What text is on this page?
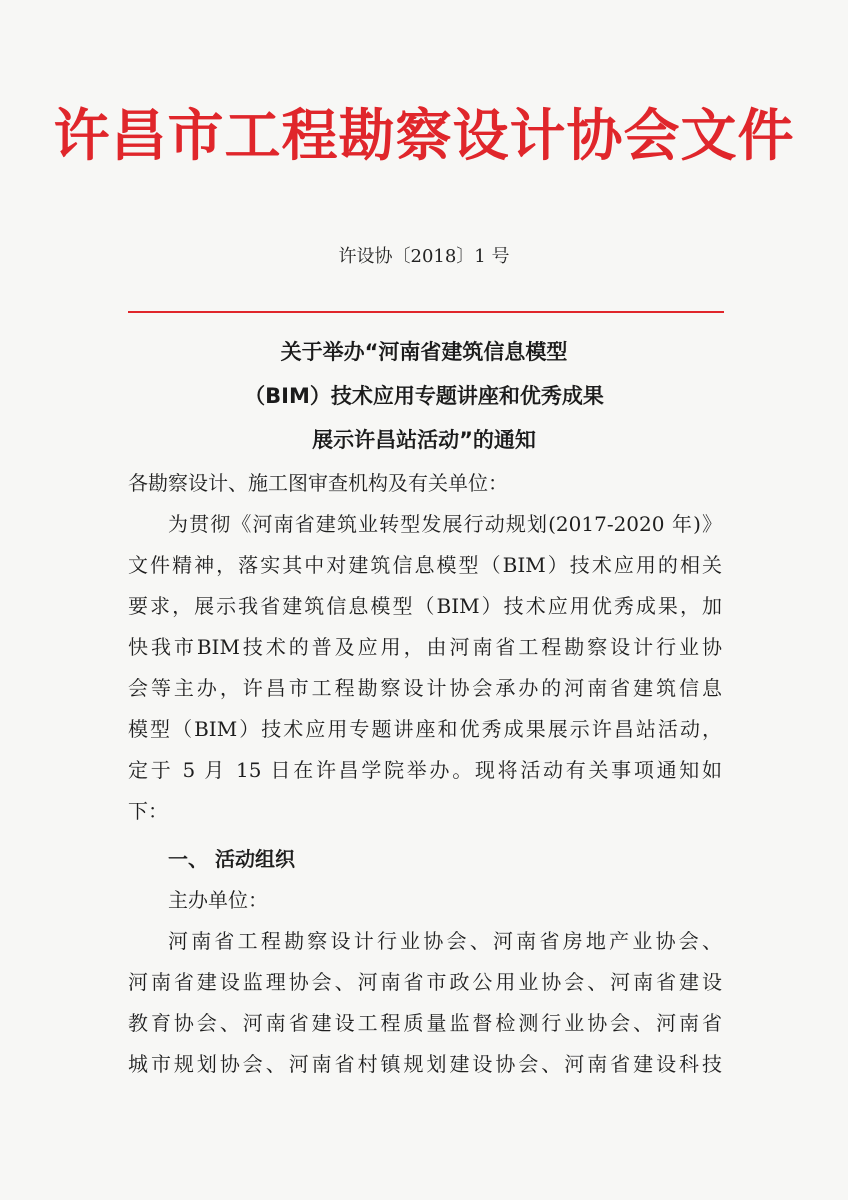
许昌市工程勘察设计协会文件
许设协〔2018〕1 号
关于举办“河南省建筑信息模型
（BIM）技术应用专题讲座和优秀成果
展示许昌站活动”的通知
各勘察设计、施工图审查机构及有关单位：
为贯彻《河南省建筑业转型发展行动规划(2017-2020 年)》
文件精神，落实其中对建筑信息模型（BIM）技术应用的相关
要求，展示我省建筑信息模型（BIM）技术应用优秀成果，加
快我市BIM技术的普及应用，由河南省工程勘察设计行业协
会等主办，许昌市工程勘察设计协会承办的河南省建筑信息
模型（BIM）技术应用专题讲座和优秀成果展示许昌站活动，
定于 5 月 15 日在许昌学院举办。现将活动有关事项通知如
下：
一、 活动组织
主办单位：
河南省工程勘察设计行业协会、河南省房地产业协会、
河南省建设监理协会、河南省市政公用业协会、河南省建设
教育协会、河南省建设工程质量监督检测行业协会、河南省
城市规划协会、河南省村镇规划建设协会、河南省建设科技
